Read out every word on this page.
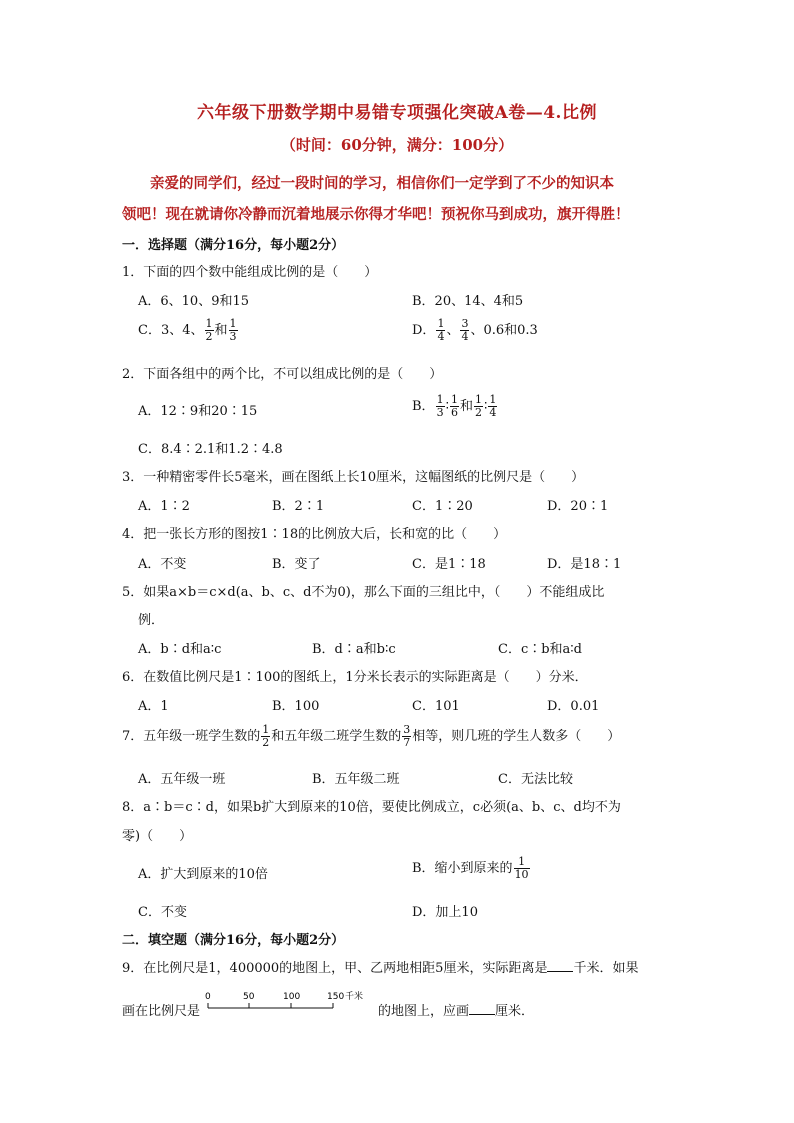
六年级下册数学期中易错专项强化突破A卷—4.比例
（时间：60分钟，满分：100分）
亲爱的同学们，经过一段时间的学习，相信你们一定学到了不少的知识本
领吧！现在就请你冷静而沉着地展示你得才华吧！预祝你马到成功，旗开得胜！
一．选择题（满分16分，每小题2分）
1．下面的四个数中能组成比例的是（　　）
A．6、10、9和15	B．20、14、4和5
C．3、4、 $\frac{1}{2}$ 和 $\frac{1}{3}$	D． $\frac{1}{4}$ 、 $\frac{3}{4}$ 、0.6和0.3
2．下面各组中的两个比，不可以组成比例的是（　　）
A．12∶9和20∶15	B． $\frac{1}{3}$ ∶ $\frac{1}{6}$ 和 $\frac{1}{2}$ ∶ $\frac{1}{4}$
C．8.4∶2.1和1.2∶4.8
3．一种精密零件长5毫米，画在图纸上长10厘米，这幅图纸的比例尺是（　　）
A．1∶2	B．2∶1	C．1∶20	D．20∶1
4．把一张长方形的图按1∶18的比例放大后，长和宽的比（　　）
A．不变	B．变了	C．是1∶18	D．是18∶1
5．如果a×b＝c×d(a、b、c、d不为0)，那么下面的三组比中，（　　）不能组成比
例．
A．b∶d和a∶c	B．d∶a和b∶c	C．c∶b和a∶d
6．在数值比例尺是1∶100的图纸上，1分米长表示的实际距离是（　　）分米．
A．1	B．100	C．101	D．0.01
7．五年级一班学生数的 $\frac{1}{2}$ 和五年级二班学生数的 $\frac{3}{7}$ 相等，则几班的学生人数多（　　）
A．五年级一班	B．五年级二班	C．无法比较
8．a∶b＝c∶d，如果b扩大到原来的10倍，要使比例成立，c必须(a、b、c、d均不为
零)（　　）
A．扩大到原来的10倍	B．缩小到原来的 $\frac{1}{10}$
C．不变	D．加上10
二．填空题（满分16分，每小题2分）
9．在比例尺是1，400000的地图上，甲、乙两地相距5厘米，实际距离是 千米．如果
画在比例尺是
0	50	100	150 千米
的地图上，应画 厘米．
